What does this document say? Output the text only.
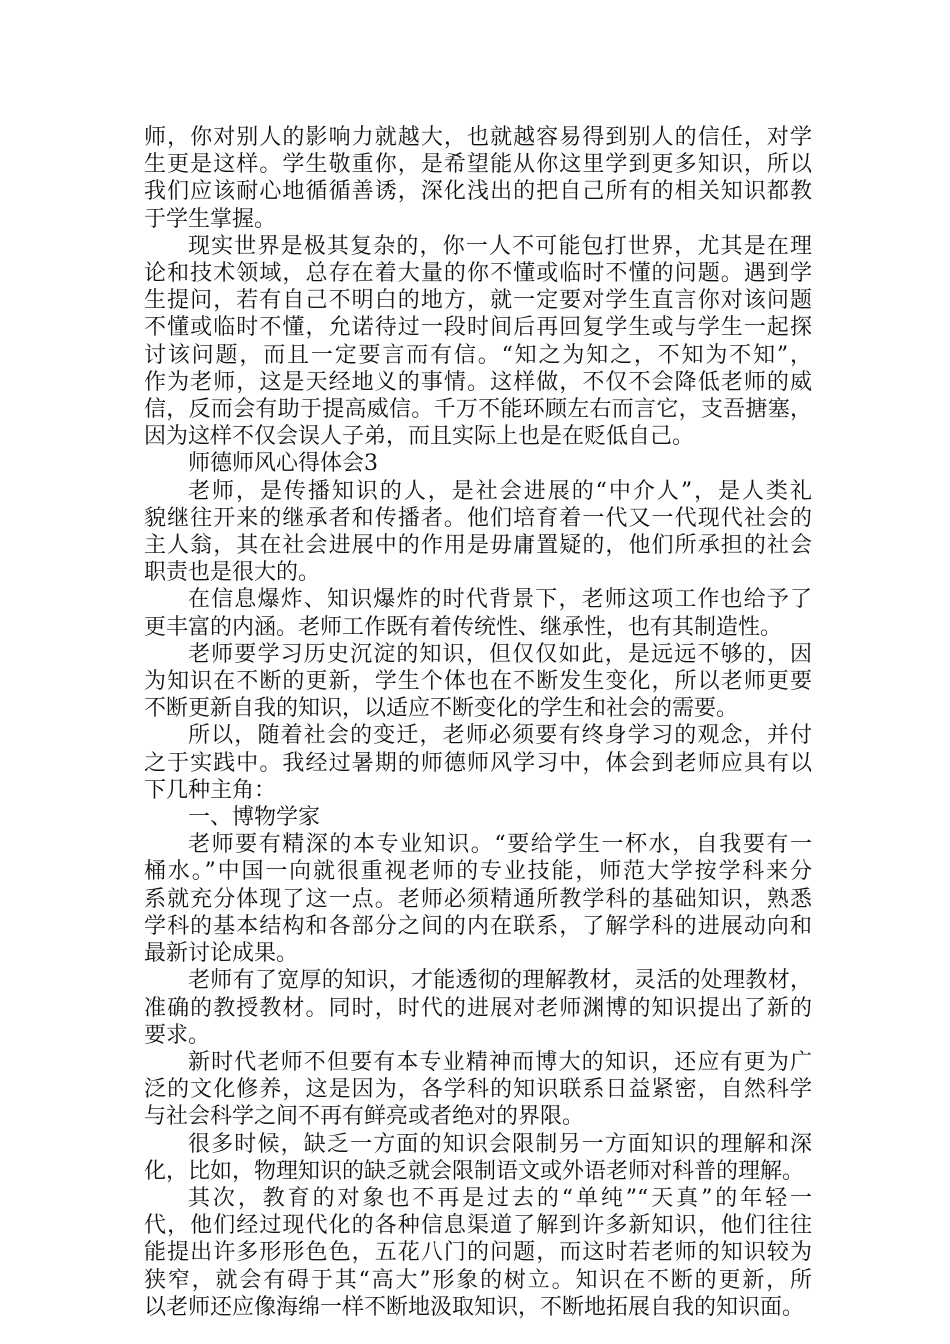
师，你对别人的影响力就越大，也就越容易得到别人的信任，对学
生更是这样。学生敬重你，是希望能从你这里学到更多知识，所以
我们应该耐心地循循善诱，深化浅出的把自己所有的相关知识都教
于学生掌握。

现实世界是极其复杂的，你一人不可能包打世界，尤其是在理
论和技术领域，总存在着大量的你不懂或临时不懂的问题。遇到学
生提问，若有自己不明白的地方，就一定要对学生直言你对该问题
不懂或临时不懂，允诺待过一段时间后再回复学生或与学生一起探
讨该问题，而且一定要言而有信。“知之为知之，不知为不知”，
作为老师，这是天经地义的事情。这样做，不仅不会降低老师的威
信，反而会有助于提高威信。千万不能环顾左右而言它，支吾搪塞，
因为这样不仅会误人子弟，而且实际上也是在贬低自己。

师德师风心得体会3

老师，是传播知识的人，是社会进展的“中介人”，是人类礼
貌继往开来的继承者和传播者。他们培育着一代又一代现代社会的
主人翁，其在社会进展中的作用是毋庸置疑的，他们所承担的社会
职责也是很大的。

在信息爆炸、知识爆炸的时代背景下，老师这项工作也给予了
更丰富的内涵。老师工作既有着传统性、继承性，也有其制造性。

老师要学习历史沉淀的知识，但仅仅如此，是远远不够的，因
为知识在不断的更新，学生个体也在不断发生变化，所以老师更要
不断更新自我的知识，以适应不断变化的学生和社会的需要。

所以，随着社会的变迁，老师必须要有终身学习的观念，并付
之于实践中。我经过暑期的师德师风学习中，体会到老师应具有以
下几种主角：

一、博物学家

老师要有精深的本专业知识。“要给学生一杯水，自我要有一
桶水。”中国一向就很重视老师的专业技能，师范大学按学科来分
系就充分体现了这一点。老师必须精通所教学科的基础知识，熟悉
学科的基本结构和各部分之间的内在联系，了解学科的进展动向和
最新讨论成果。

老师有了宽厚的知识，才能透彻的理解教材，灵活的处理教材，
准确的教授教材。同时，时代的进展对老师渊博的知识提出了新的
要求。

新时代老师不但要有本专业精神而博大的知识，还应有更为广
泛的文化修养，这是因为，各学科的知识联系日益紧密，自然科学
与社会科学之间不再有鲜亮或者绝对的界限。

很多时候，缺乏一方面的知识会限制另一方面知识的理解和深
化，比如，物理知识的缺乏就会限制语文或外语老师对科普的理解。

其次，教育的对象也不再是过去的“单纯”“天真”的年轻一
代，他们经过现代化的各种信息渠道了解到许多新知识，他们往往
能提出许多形形色色，五花八门的问题，而这时若老师的知识较为
狭窄，就会有碍于其“高大”形象的树立。知识在不断的更新，所
以老师还应像海绵一样不断地汲取知识，不断地拓展自我的知识面。
